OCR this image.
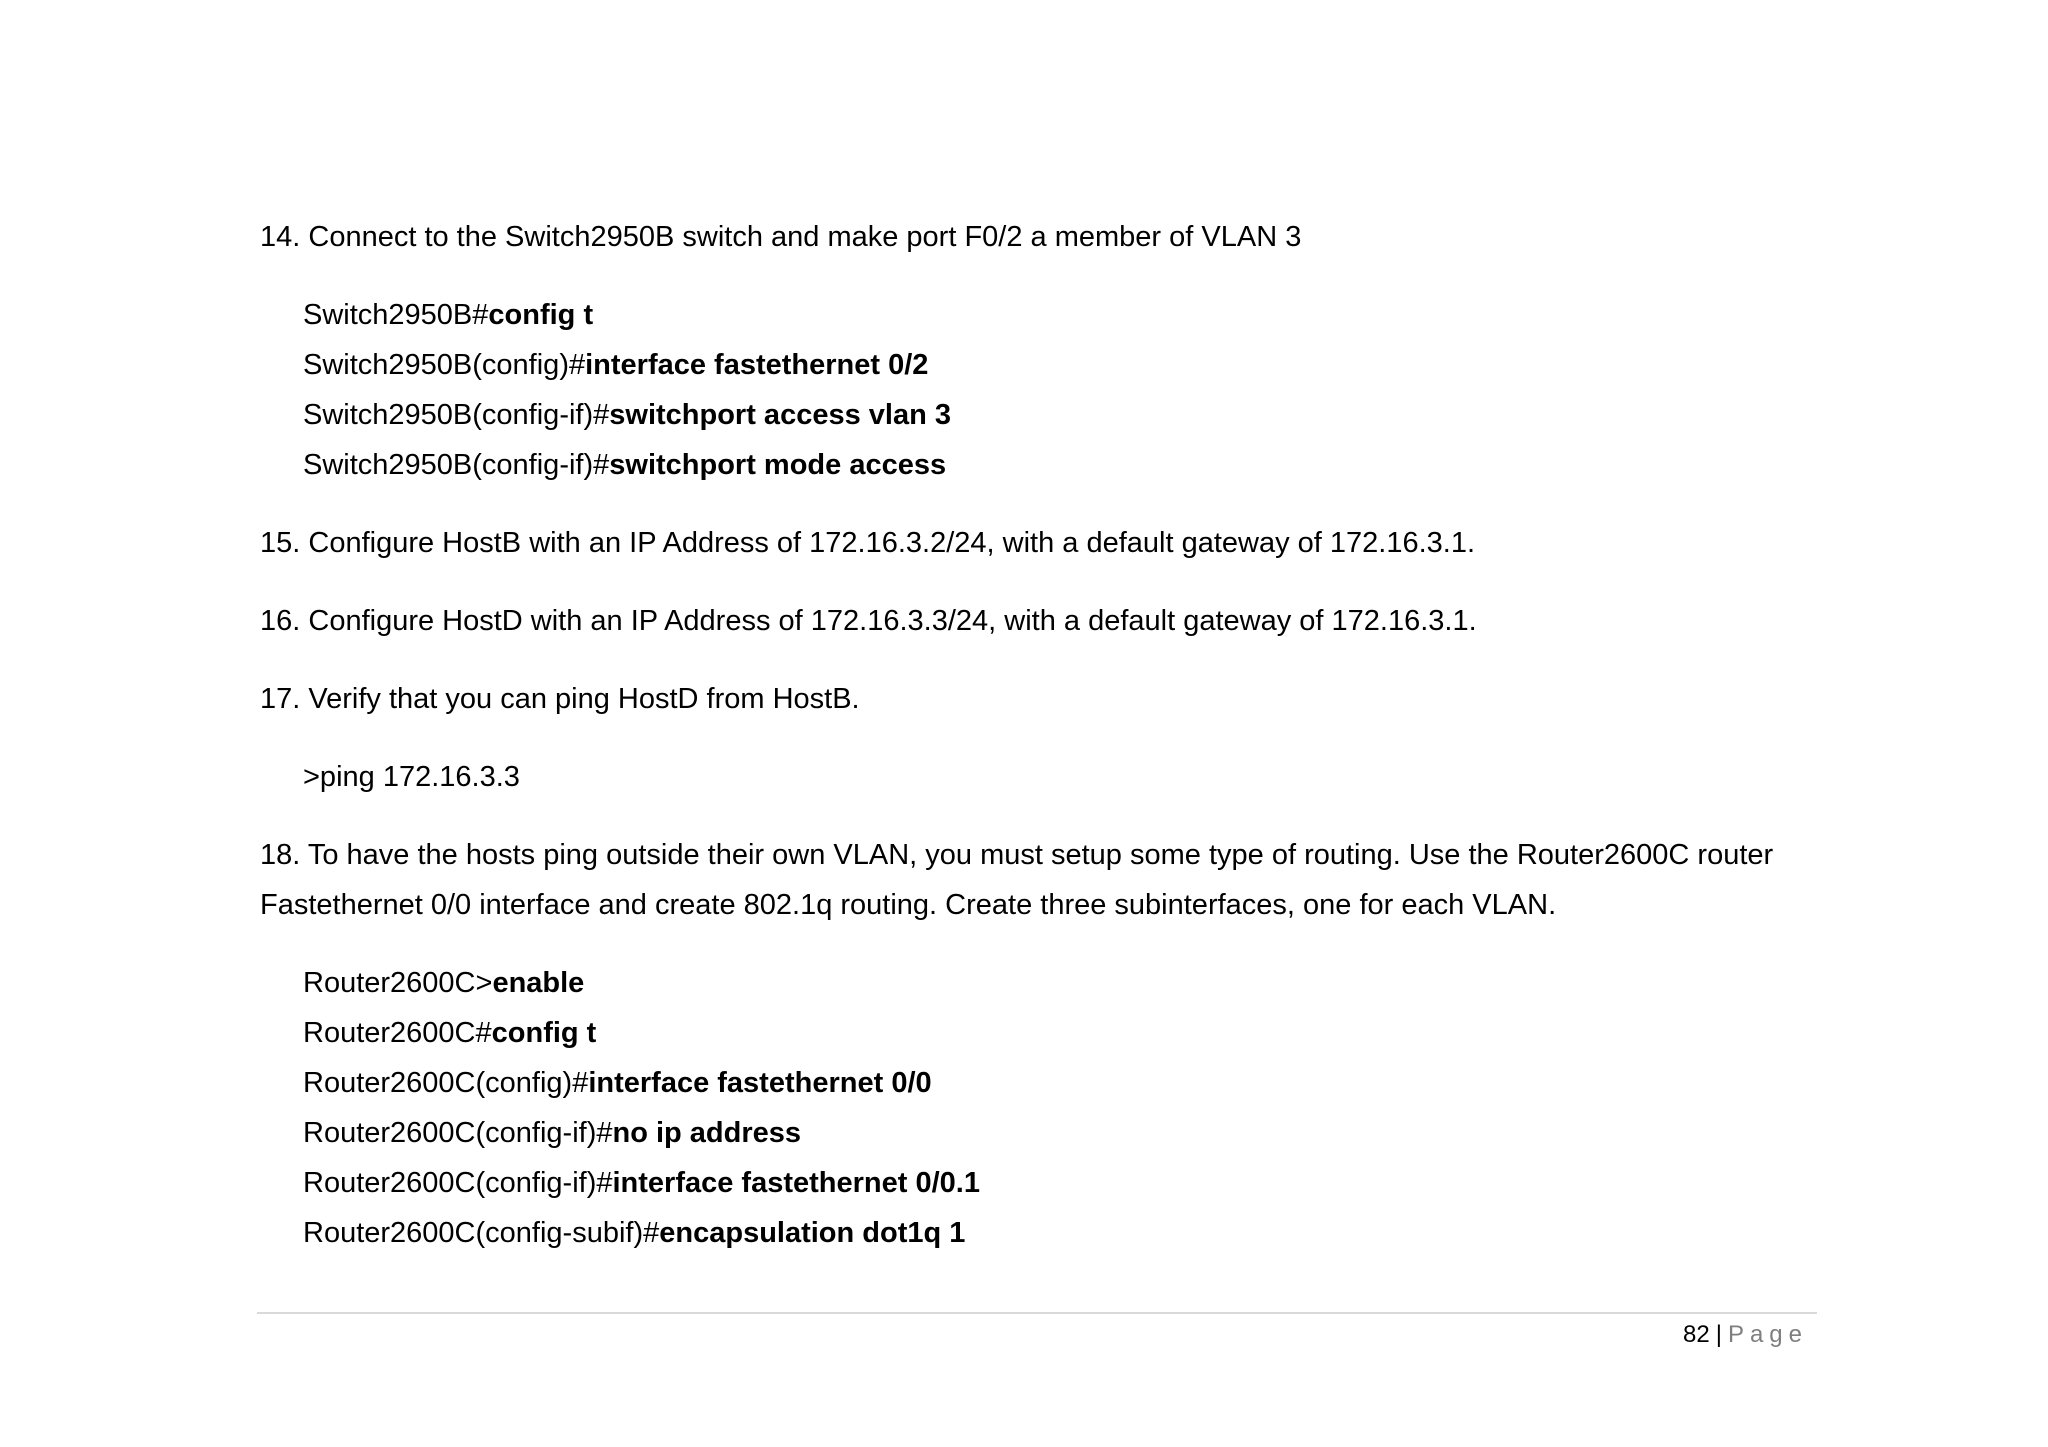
14. Connect to the Switch2950B switch and make port F0/2 a member of VLAN 3

Switch2950B#config t

Switch2950B(config)#interface fastethernet 0/2

Switch2950B(config-if)#switchport access vlan 3

Switch2950B(config-if)#switchport mode access

15. Configure HostB with an IP Address of 172.16.3.2/24, with a default gateway of 172.16.3.1.

16. Configure HostD with an IP Address of 172.16.3.3/24, with a default gateway of 172.16.3.1.

17. Verify that you can ping HostD from HostB.

>ping 172.16.3.3

18. To have the hosts ping outside their own VLAN, you must setup some type of routing. Use the Router2600C router Fastethernet 0/0 interface and create 802.1q routing. Create three subinterfaces, one for each VLAN.

Router2600C>enable

Router2600C#config t

Router2600C(config)#interface fastethernet 0/0

Router2600C(config-if)#no ip address

Router2600C(config-if)#interface fastethernet 0/0.1

Router2600C(config-subif)#encapsulation dot1q 1

82 | Page
